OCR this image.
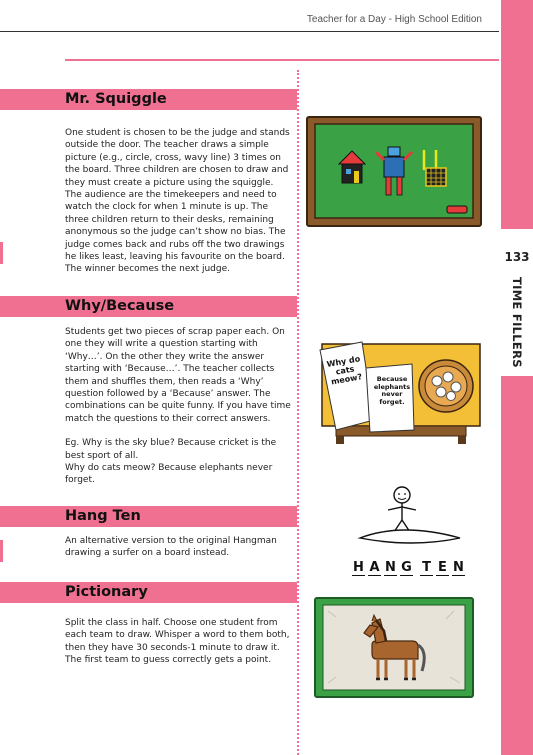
Teacher for a Day - High School Edition
133
TIME FILLERS
Mr. Squiggle

One student is chosen to be the judge and stands outside the door. The teacher draws a simple picture (e.g., circle, cross, wavy line) 3 times on the board. Three children are chosen to draw and they must create a picture using the squiggle.

The audience are the timekeepers and need to watch the clock for when 1 minute is up. The three children return to their desks, remaining anonymous so the judge can’t show no bias. The judge comes back and rubs off the two drawings he likes least, leaving his favourite on the board. The winner becomes the next judge.

Why/Because

Students get two pieces of scrap paper each. On one they will write a question starting with ‘Why…’. On the other they write the answer starting with ‘Because…’. The teacher collects them and shuffles them, then reads a ‘Why’ question followed by a ‘Because’ answer. The combinations can be quite funny. If you have time match the questions to their correct answers.

Eg. Why is the sky blue? Because cricket is the best sport of all.

Why do cats meow? Because elephants never forget.

Hang Ten

An alternative version to the original Hangman drawing a surfer on a board instead.

Pictionary

Split the class in half. Choose one student from each team to draw. Whisper a word to them both, then they have 30 seconds-1 minute to draw it. The first team to guess correctly gets a point.

Why do cats meow?	Because elephants never forget.
H A N G T E N
